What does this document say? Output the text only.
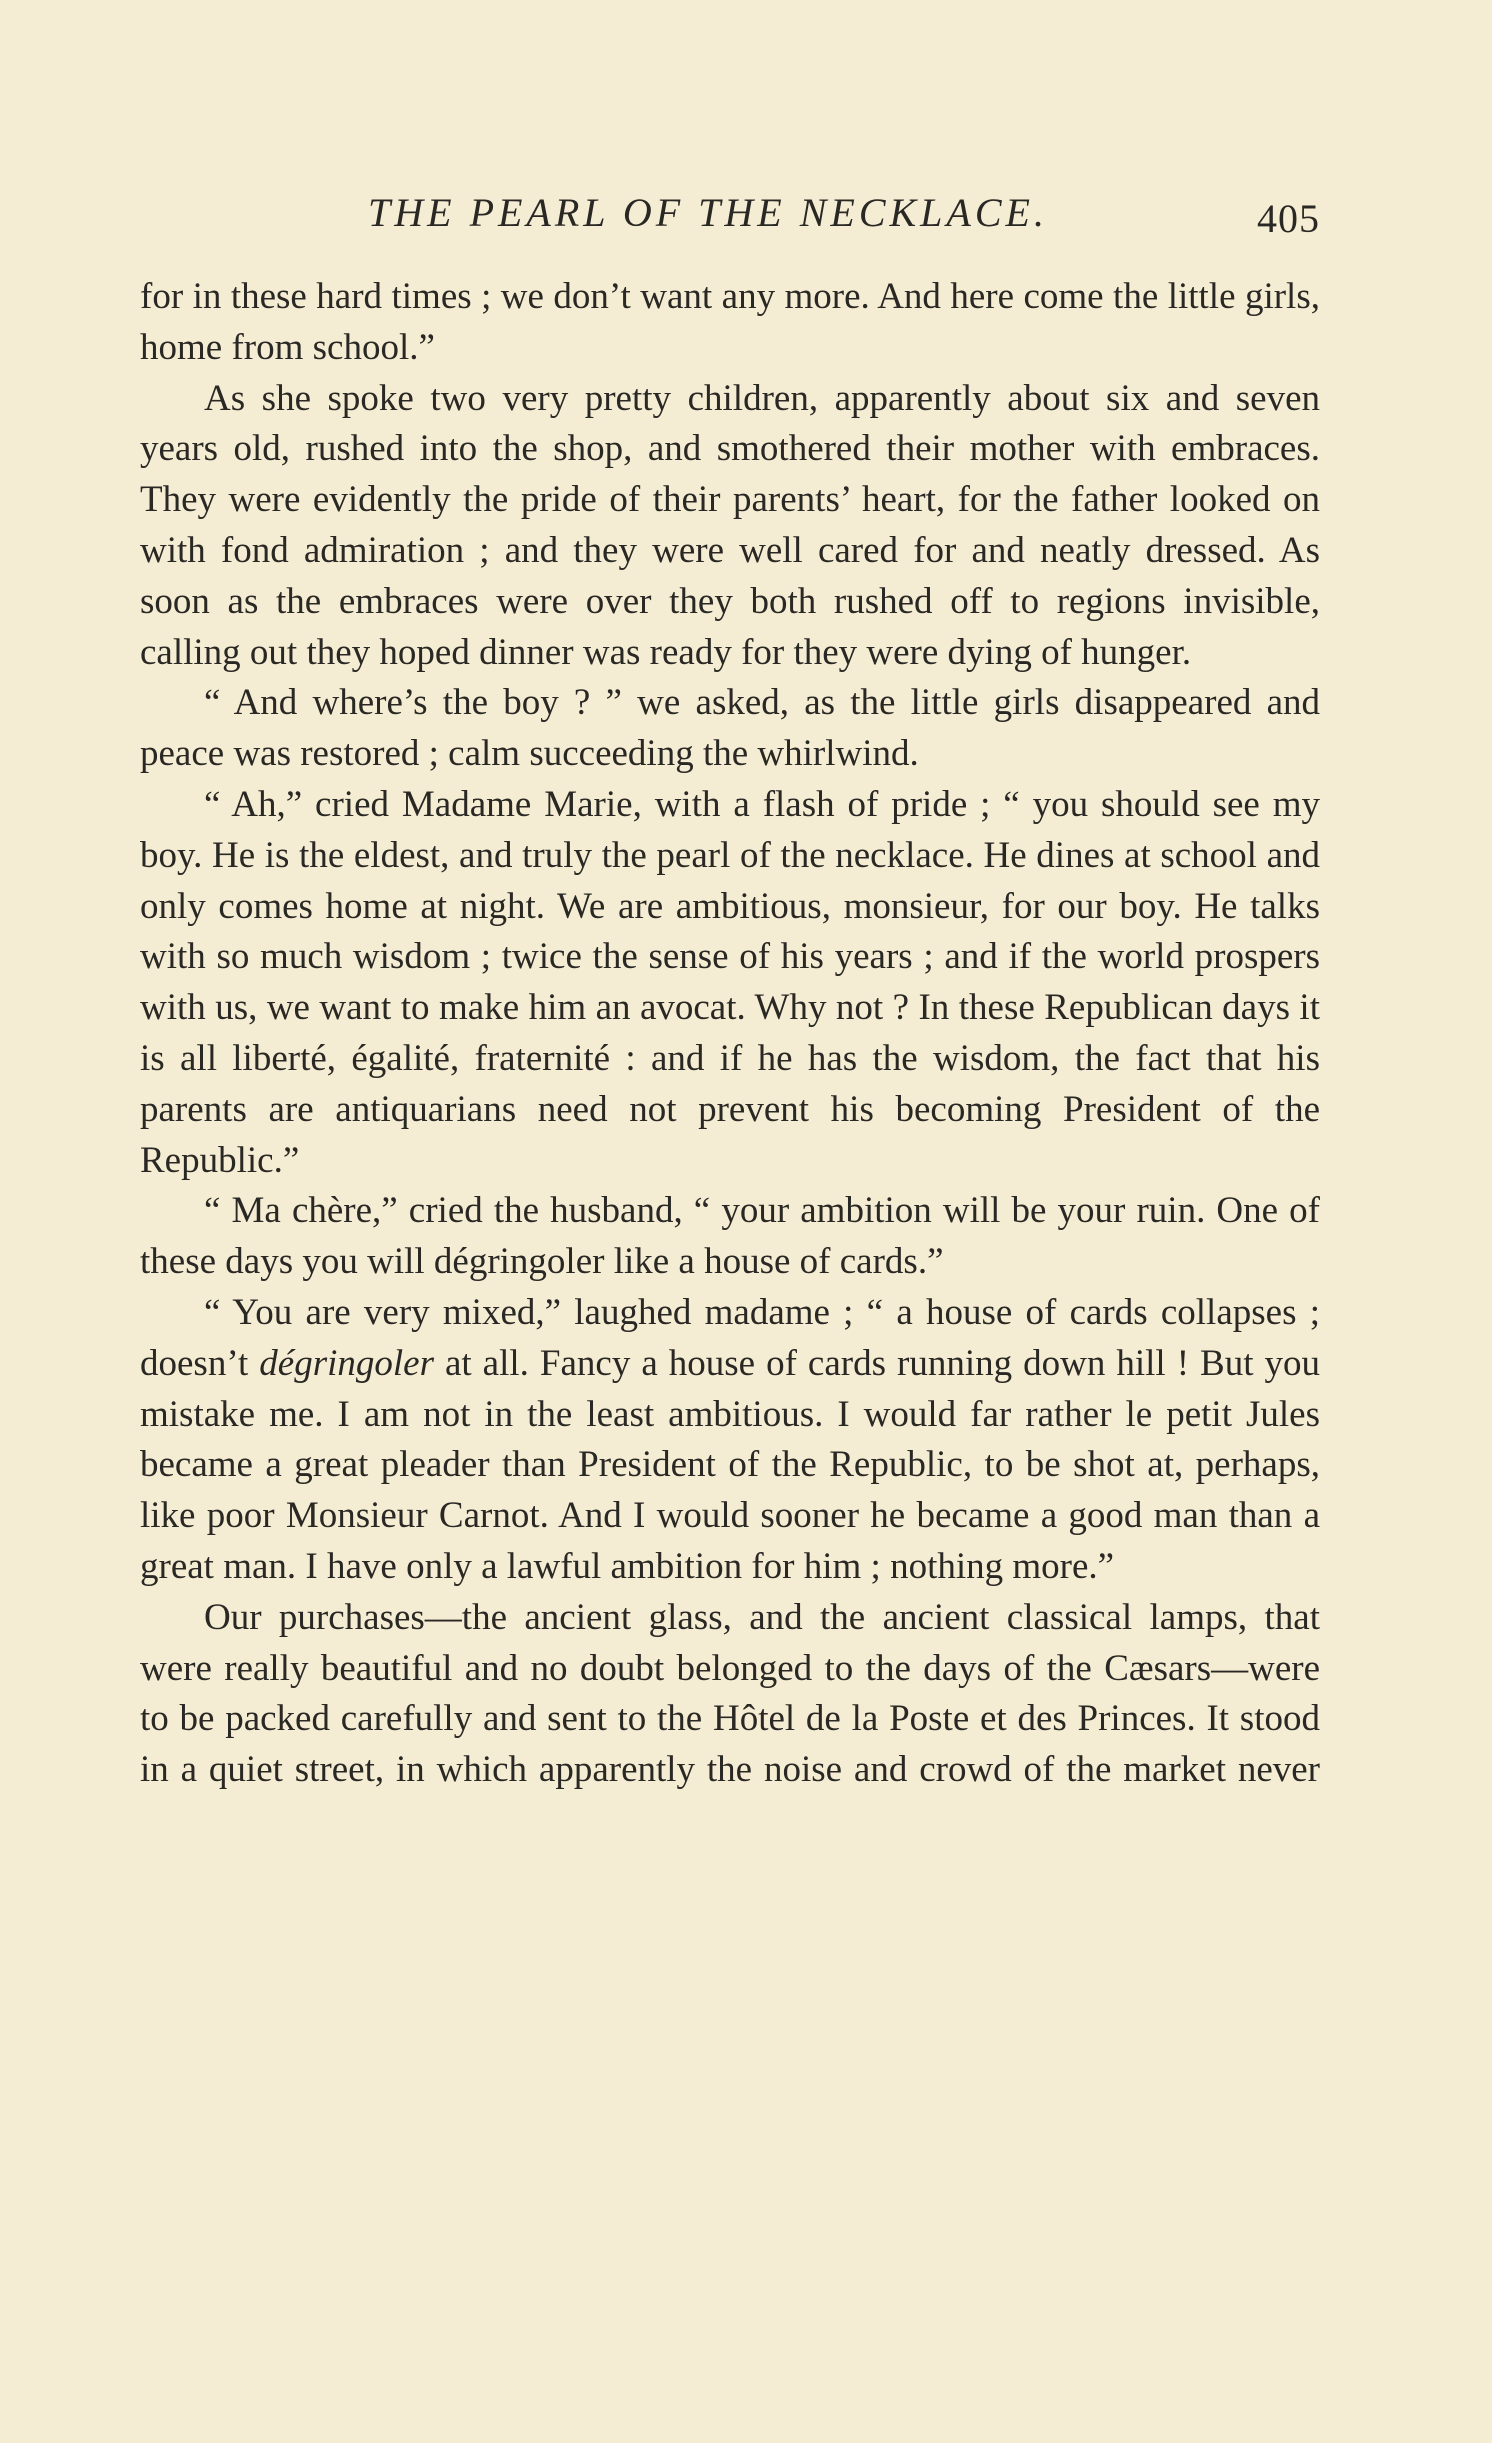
THE PEARL OF THE NECKLACE.	405

for in these hard times ; we don’t want any more. And here come the little girls, home from school.”

As she spoke two very pretty children, apparently about six and seven years old, rushed into the shop, and smothered their mother with embraces. They were evidently the pride of their parents’ heart, for the father looked on with fond admiration ; and they were well cared for and neatly dressed. As soon as the embraces were over they both rushed off to regions invisible, calling out they hoped dinner was ready for they were dying of hunger.

“ And where’s the boy ? ” we asked, as the little girls disappeared and peace was restored ; calm succeeding the whirlwind.

“ Ah,” cried Madame Marie, with a flash of pride ; “ you should see my boy. He is the eldest, and truly the pearl of the necklace. He dines at school and only comes home at night. We are ambitious, monsieur, for our boy. He talks with so much wisdom ; twice the sense of his years ; and if the world prospers with us, we want to make him an avocat. Why not ? In these Republican days it is all liberté, égalité, fraternité : and if he has the wisdom, the fact that his parents are antiquarians need not prevent his becoming President of the Republic.”

“ Ma chère,” cried the husband, “ your ambition will be your ruin. One of these days you will dégringoler like a house of cards.”

“ You are very mixed,” laughed madame ; “ a house of cards collapses ; doesn’t dégringoler at all. Fancy a house of cards running down hill ! But you mistake me. I am not in the least ambitious. I would far rather le petit Jules became a great pleader than President of the Republic, to be shot at, perhaps, like poor Monsieur Carnot. And I would sooner he became a good man than a great man. I have only a lawful ambition for him ; nothing more.”

Our purchases—the ancient glass, and the ancient classical lamps, that were really beautiful and no doubt belonged to the days of the Cæsars—were to be packed carefully and sent to the Hôtel de la Poste et des Princes. It stood in a quiet street, in which apparently the noise and crowd of the market never
